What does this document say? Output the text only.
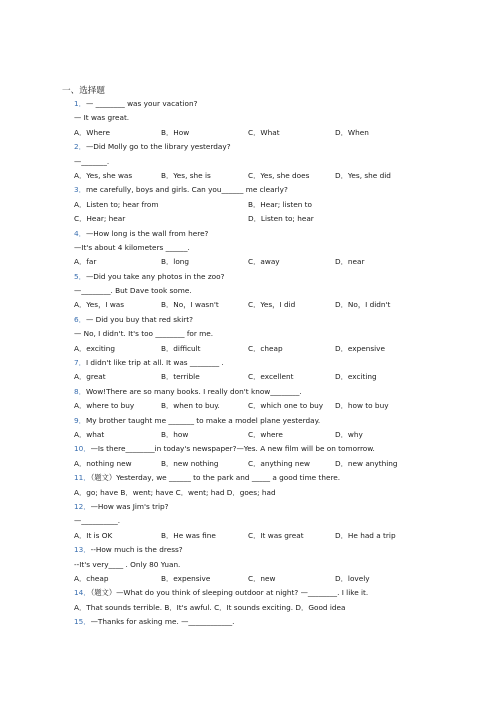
一、选择题
1．— ________ was your vacation?
— It was great.
A．Where	B．How	C．What	D．When
2．—Did Molly go to the library yesterday?
—_______.
A．Yes, she was	B．Yes, she is	C．Yes, she does	D．Yes, she did
3．me carefully, boys and girls. Can you______ me clearly?
A．Listen to; hear from	B．Hear; listen to
C．Hear; hear	D．Listen to; hear
4．—How long is the wall from here?
—It's about 4 kilometers ______.
A．far	B．long	C．away	D．near
5．—Did you take any photos in the zoo?
—________. But Dave took some.
A．Yes，I was	B．No，I wasn't	C．Yes，I did	D．No，I didn't
6．— Did you buy that red skirt?
— No, I didn't. It's too ________ for me.
A．exciting	B．difficult	C．cheap	D．expensive
7．I didn't like trip at all. It was ________ .
A．great	B．terrible	C．excellent	D．exciting
8．Wow!There are so many books. I really don't know________.
A．where to buy	B．when to buy.	C．which one to buy D．how to buy
9．My brother taught me _______ to make a model plane yesterday.
A．what	B．how	C．where	D．why
10．—Is there________in today's newspaper?—Yes. A new film will be on tomorrow.
A．nothing new	B．new nothing	C．anything new	D．new anything
11．（题文）Yesterday, we ______ to the park and _____ a good time there.
A．go; have B．went; have C．went; had D．goes; had
12．—How was Jim's trip?
—__________.
A．It is OK	B．He was fine	C．It was great	D．He had a trip
13．--How much is the dress?
--It's very____ . Only 80 Yuan.
A．cheap	B．expensive	C．new	D．lovely
14．（题文）—What do you think of sleeping outdoor at night? —________. I like it.
A．That sounds terrible. B．It's awful. C．It sounds exciting. D．Good idea
15．—Thanks for asking me. —____________.
